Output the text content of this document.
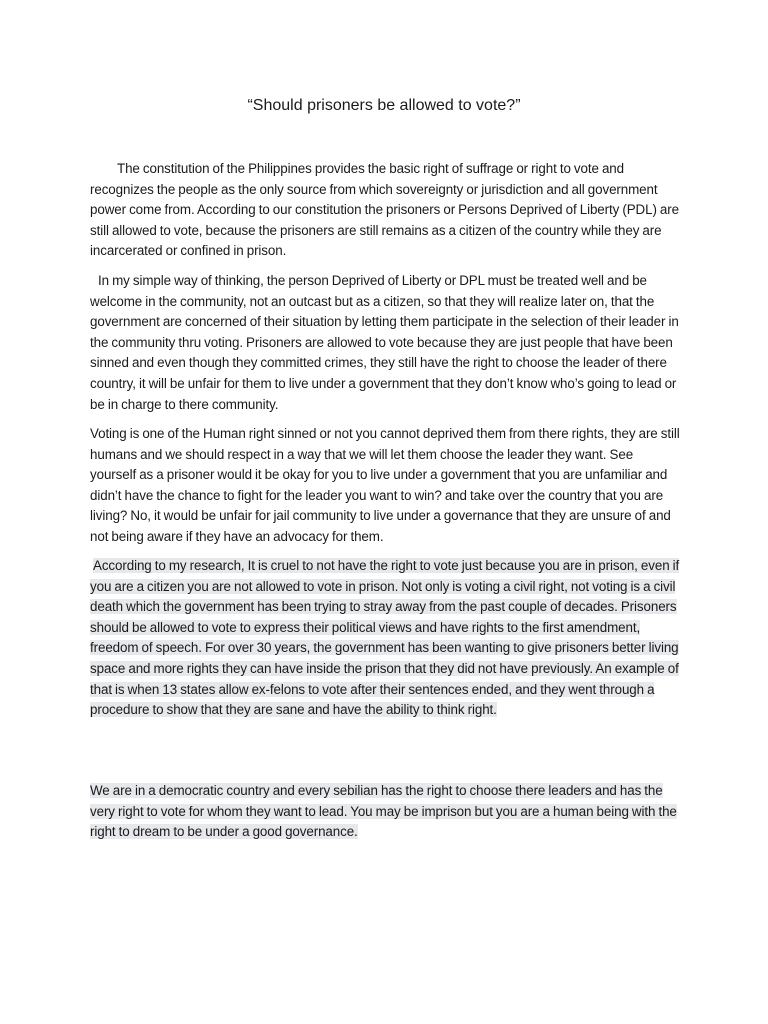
“Should prisoners be allowed to vote?”

The constitution of the Philippines provides the basic right of suffrage or right to vote and recognizes the people as the only source from which sovereignty or jurisdiction and all government power come from. According to our constitution the prisoners or Persons Deprived of Liberty (PDL) are still allowed to vote, because the prisoners are still remains as a citizen of the country while they are incarcerated or confined in prison.

In my simple way of thinking, the person Deprived of Liberty or DPL must be treated well and be welcome in the community, not an outcast but as a citizen, so that they will realize later on, that the government are concerned of their situation by letting them participate in the selection of their leader in the community thru voting. Prisoners are allowed to vote because they are just people that have been sinned and even though they committed crimes, they still have the right to choose the leader of there country, it will be unfair for them to live under a government that they don’t know who’s going to lead or be in charge to there community.

Voting is one of the Human right sinned or not you cannot deprived them from there rights, they are still humans and we should respect in a way that we will let them choose the leader they want. See yourself as a prisoner would it be okay for you to live under a government that you are unfamiliar and didn’t have the chance to fight for the leader you want to win? and take over the country that you are living? No, it would be unfair for jail community to live under a governance that they are unsure of and not being aware if they have an advocacy for them.

According to my research, It is cruel to not have the right to vote just because you are in prison, even if you are a citizen you are not allowed to vote in prison. Not only is voting a civil right, not voting is a civil death which the government has been trying to stray away from the past couple of decades. Prisoners should be allowed to vote to express their political views and have rights to the first amendment, freedom of speech. For over 30 years, the government has been wanting to give prisoners better living space and more rights they can have inside the prison that they did not have previously. An example of that is when 13 states allow ex-felons to vote after their sentences ended, and they went through a procedure to show that they are sane and have the ability to think right.

We are in a democratic country and every sebilian has the right to choose there leaders and has the very right to vote for whom they want to lead. You may be imprison but you are a human being with the right to dream to be under a good governance.
